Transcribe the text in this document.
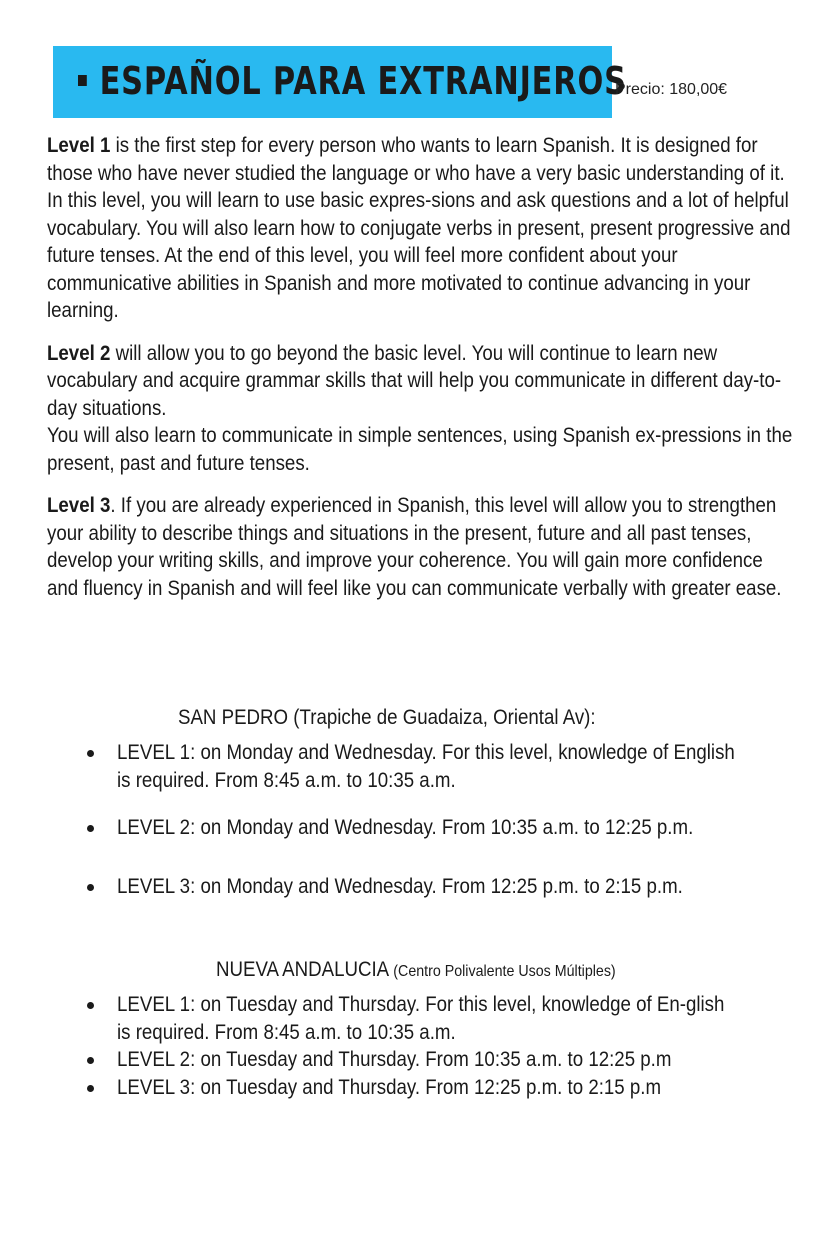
ESPAÑOL PARA EXTRANJEROS
Precio: 180,00€

Level 1 is the first step for every person who wants to learn Spanish. It is designed for those who have never studied the language or who have a very basic understanding of it. In this level, you will learn to use basic expres-sions and ask questions and a lot of helpful vocabulary. You will also learn how to conjugate verbs in present, present progressive and future tenses. At the end of this level, you will feel more confident about your communicative abilities in Spanish and more motivated to continue advancing in your learning.

Level 2 will allow you to go beyond the basic level. You will continue to learn new vocabulary and acquire grammar skills that will help you communicate in different day-to-day situations.
You will also learn to communicate in simple sentences, using Spanish ex-pressions in the present, past and future tenses.

Level 3. If you are already experienced in Spanish, this level will allow you to strengthen your ability to describe things and situations in the present, future and all past tenses, develop your writing skills, and improve your coherence. You will gain more confidence and fluency in Spanish and will feel like you can communicate verbally with greater ease.

SAN PEDRO (Trapiche de Guadaiza, Oriental Av):

LEVEL 1: on Monday and Wednesday. For this level, knowledge of English is required. From 8:45 a.m. to 10:35 a.m.
LEVEL 2: on Monday and Wednesday. From 10:35 a.m. to 12:25 p.m.
LEVEL 3: on Monday and Wednesday. From 12:25 p.m. to 2:15 p.m.

NUEVA ANDALUCIA (Centro Polivalente Usos Múltiples)

LEVEL 1: on Tuesday and Thursday. For this level, knowledge of En-glish is required. From 8:45 a.m. to 10:35 a.m.
LEVEL 2: on Tuesday and Thursday. From 10:35 a.m. to 12:25 p.m
LEVEL 3: on Tuesday and Thursday. From 12:25 p.m. to 2:15 p.m
